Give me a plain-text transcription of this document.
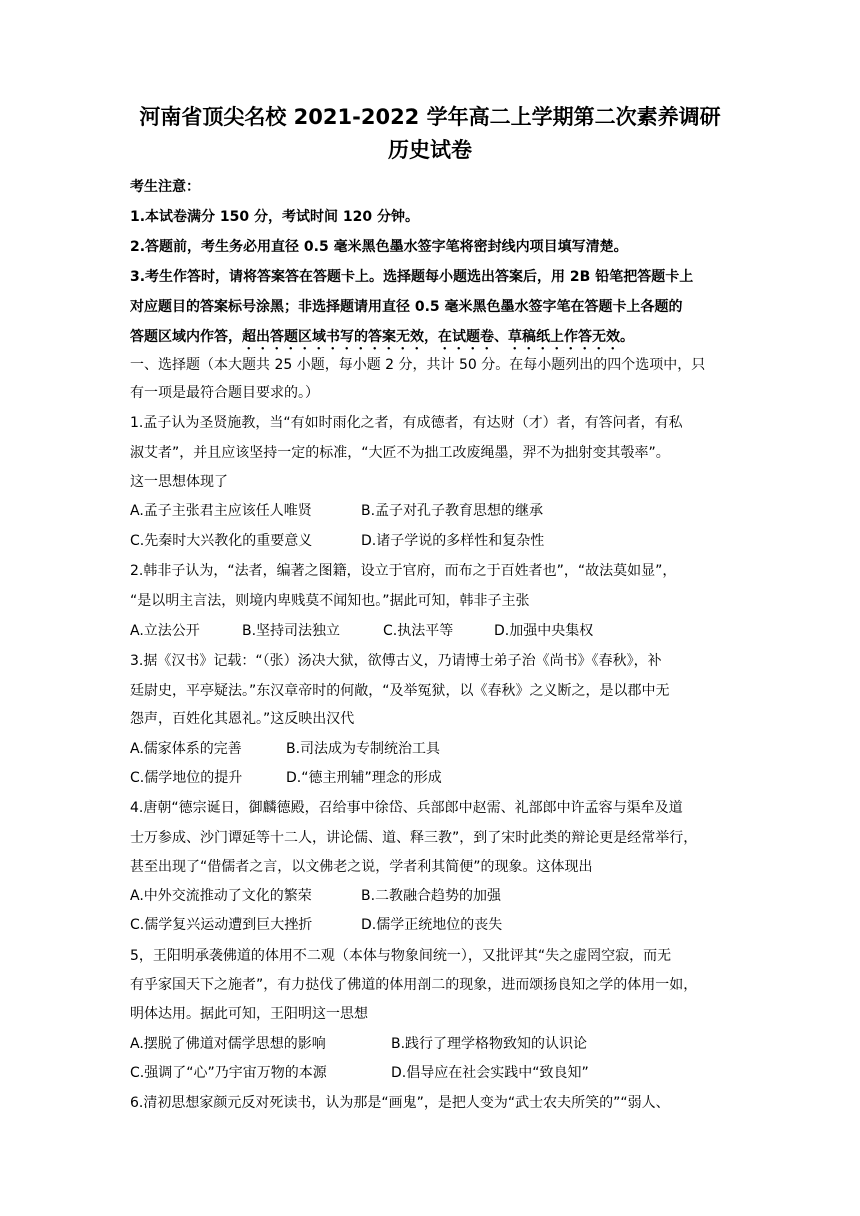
河南省顶尖名校 2021-2022 学年高二上学期第二次素养调研
历史试卷
考生注意：
1.本试卷满分 150 分，考试时间 120 分钟。
2.答题前，考生务必用直径 0.5 毫米黑色墨水签字笔将密封线内项目填写清楚。
3.考生作答时，请将答案答在答题卡上。选择题每小题选出答案后，用 2B 铅笔把答题卡上
对应题目的答案标号涂黑；非选择题请用直径 0.5 毫米黑色墨水签字笔在答题卡上各题的
答题区域内作答，超出答题区域书写的答案无效，在试题卷、草稿纸上作答无效。
一、选择题（本大题共 25 小题，每小题 2 分，共计 50 分。在每小题列出的四个选项中，只
有一项是最符合题目要求的。）
1.孟子认为圣贤施教，当“有如时雨化之者，有成德者，有达财（才）者，有答问者，有私
淑艾者”，并且应该坚持一定的标准，“大匠不为拙工改废绳墨，羿不为拙射变其彀率”。
这一思想体现了
A.孟子主张君主应该任人唯贤	B.孟子对孔子教育思想的继承
C.先秦时大兴教化的重要意义	D.诸子学说的多样性和复杂性
2.韩非子认为，“法者，编著之图籍，设立于官府，而布之于百姓者也”，“故法莫如显”，
“是以明主言法，则境内卑贱莫不闻知也。”据此可知，韩非子主张
A.立法公开	B.坚持司法独立	C.执法平等	D.加强中央集权
3.据《汉书》记载：“（张）汤决大狱，欲傅古义，乃请博士弟子治《尚书》《春秋》，补
廷尉史，平亭疑法。”东汉章帝时的何敞，“及举冤狱，以《春秋》之义断之，是以郡中无
怨声，百姓化其恩礼。”这反映出汉代
A.儒家体系的完善	B.司法成为专制统治工具
C.儒学地位的提升	D.“德主刑辅”理念的形成
4.唐朝“德宗诞日，御麟德殿，召给事中徐岱、兵部郎中赵需、礼部郎中许孟容与渠牟及道
士万参成、沙门谭延等十二人，讲论儒、道、释三教”，到了宋时此类的辩论更是经常举行，
甚至出现了“借儒者之言，以文佛老之说，学者利其简便”的现象。这体现出
A.中外交流推动了文化的繁荣	B.二教融合趋势的加强
C.儒学复兴运动遭到巨大挫折	D.儒学正统地位的丧失
5，王阳明承袭佛道的体用不二观（本体与物象间统一），又批评其“失之虚罔空寂，而无
有乎家国天下之施者”，有力挞伐了佛道的体用剖二的现象，进而颂扬良知之学的体用一如，
明体达用。据此可知，王阳明这一思想
A.摆脱了佛道对儒学思想的影响	B.践行了理学格物致知的认识论
C.强调了“心”乃宇宙万物的本源	D.倡导应在社会实践中“致良知”
6.清初思想家颜元反对死读书，认为那是“画鬼”，是把人变为“武士农夫所笑的”“弱人、
